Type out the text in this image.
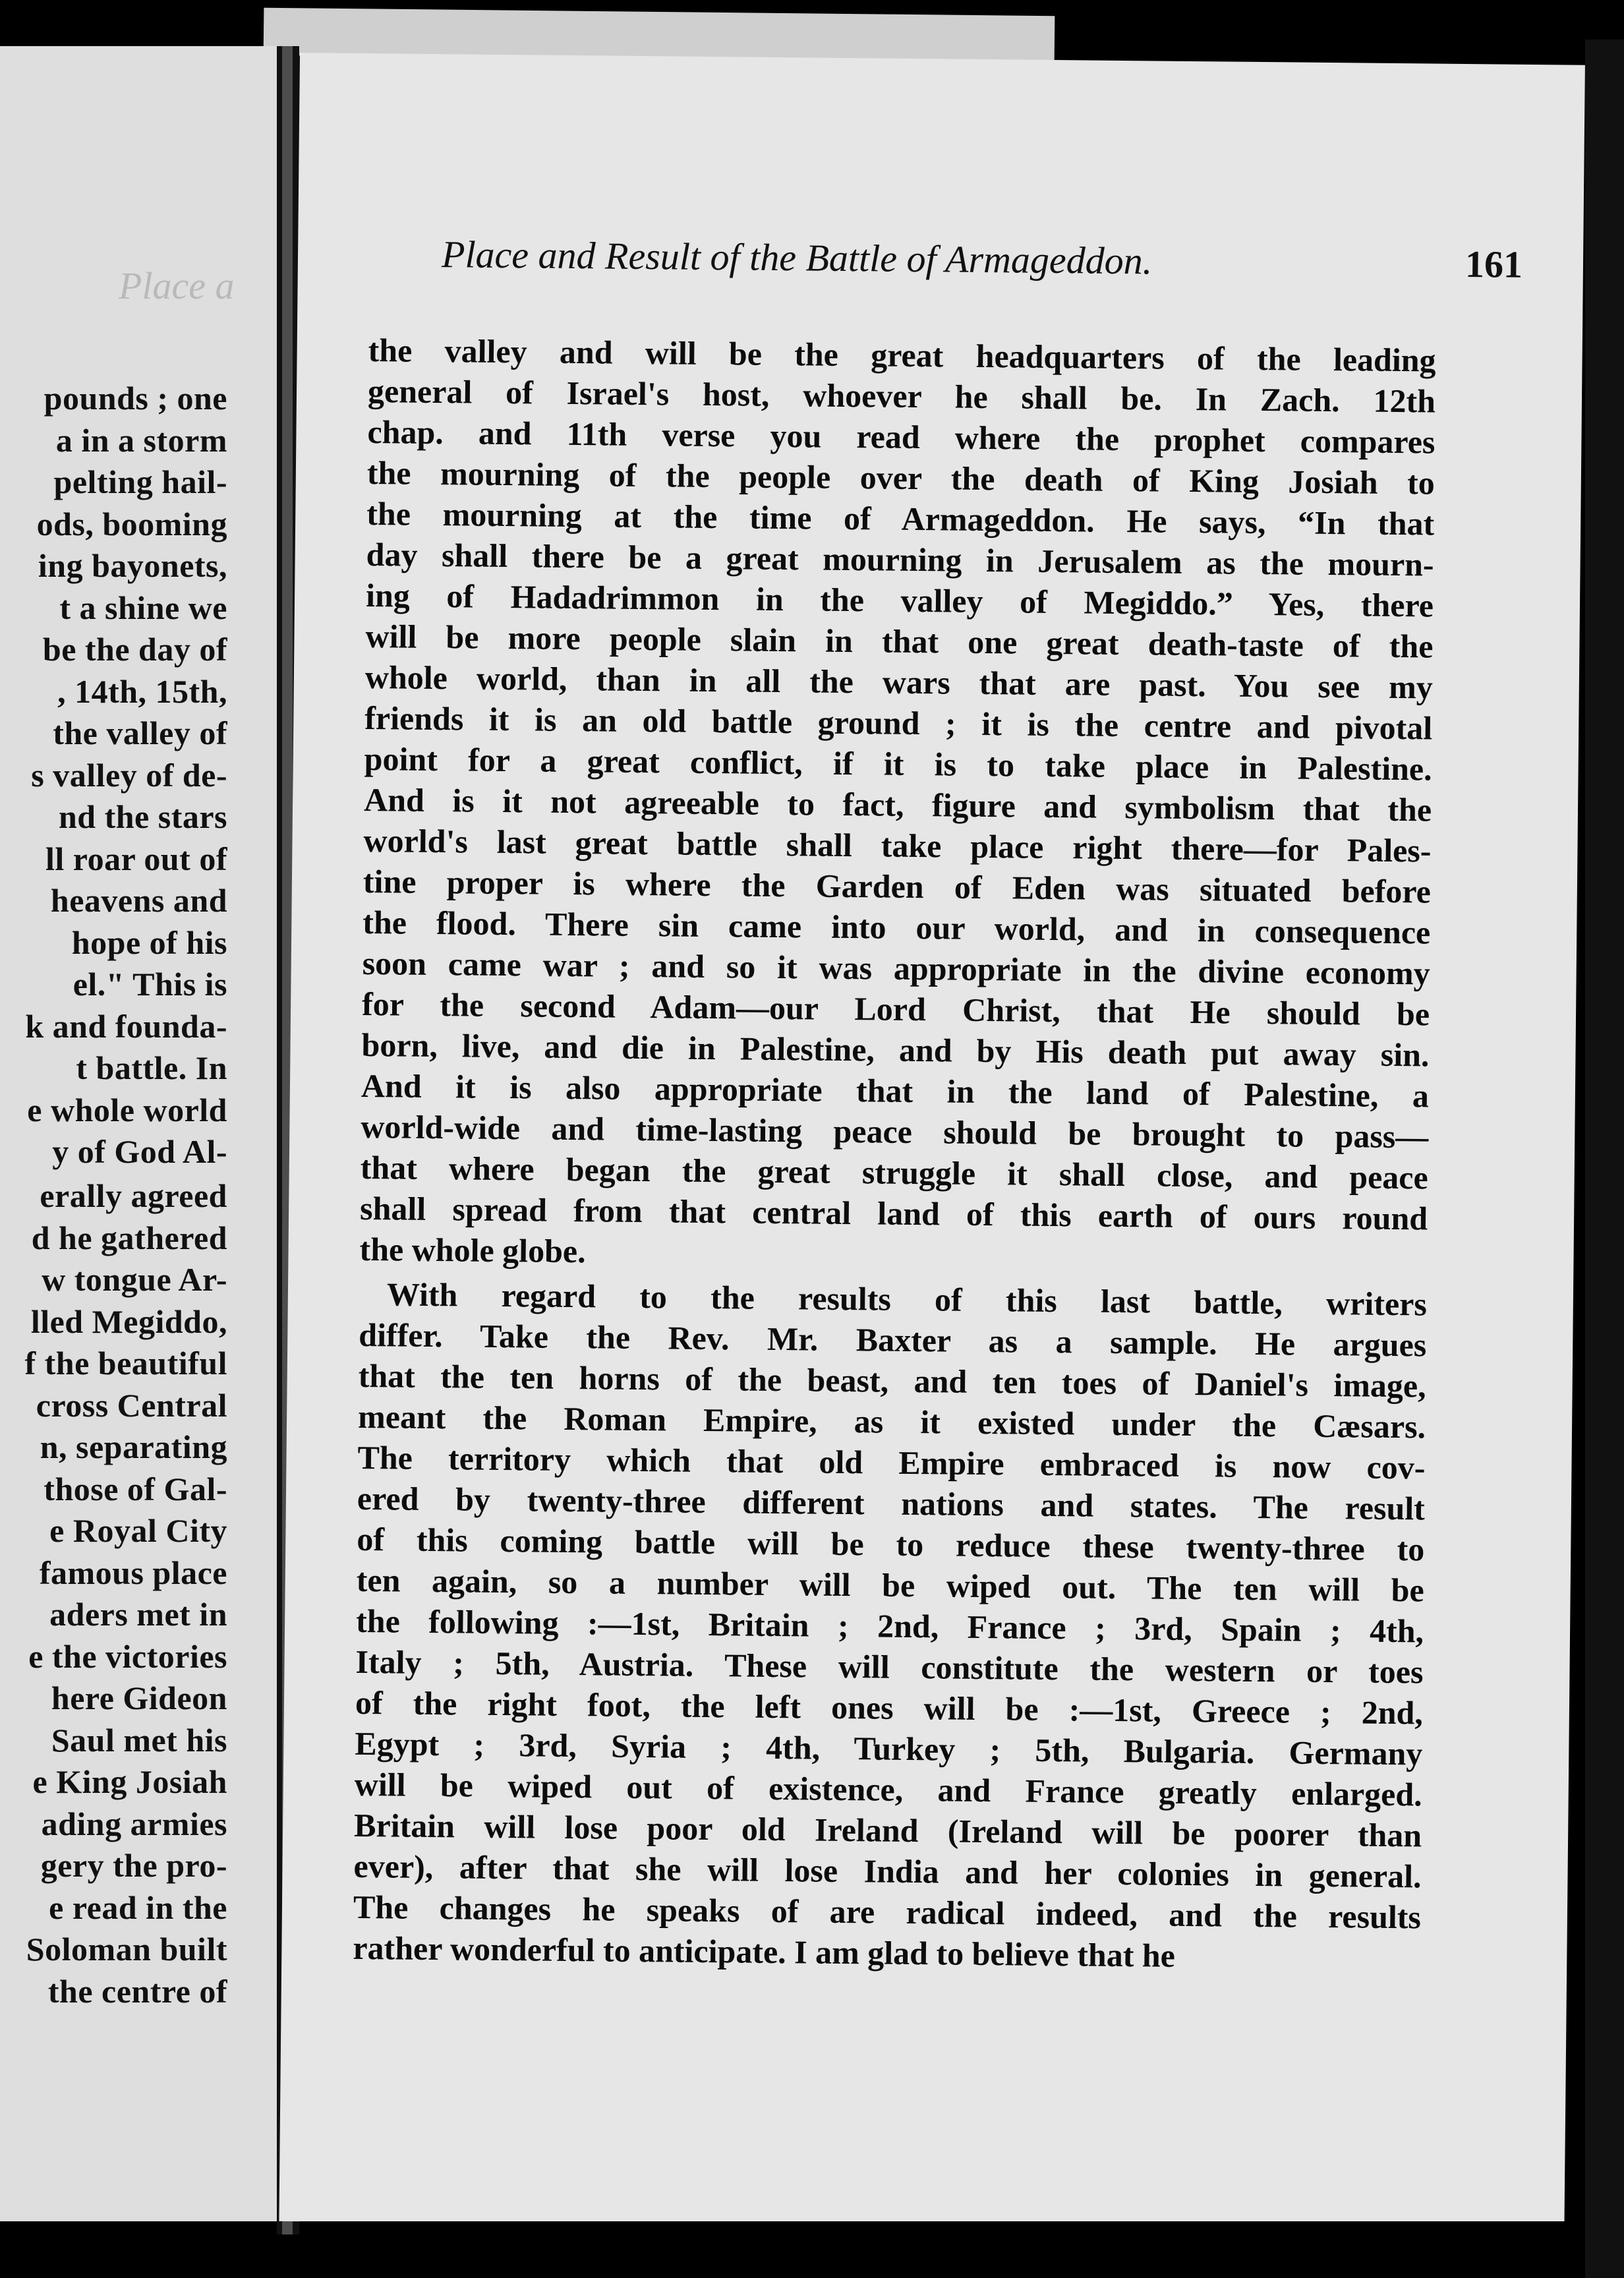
Place a
pounds ; one
a in a storm
pelting hail-
ods, booming
ing bayonets,
t a shine we
be the day of
, 14th, 15th,
the valley of
s valley of de-
nd the stars
ll roar out of
heavens and
hope of his
el." This is
k and founda-
t battle. In
e whole world
y of God Al-
erally agreed
d he gathered
w tongue Ar-
lled Megiddo,
f the beautiful
cross Central
n, separating
those of Gal-
e Royal City
famous place
aders met in
e the victories
here Gideon
Saul met his
e King Josiah
ading armies
gery the pro-
e read in the
Soloman built
the centre of
Place and Result of the Battle of Armageddon.	161
the valley and will be the great headquarters of the leading
general of Israel's host, whoever he shall be. In Zach. 12th
chap. and 11th verse you read where the prophet compares
the mourning of the people over the death of King Josiah to
the mourning at the time of Armageddon. He says, “In that
day shall there be a great mourning in Jerusalem as the mourn-
ing of Hadadrimmon in the valley of Megiddo.” Yes, there
will be more people slain in that one great death-taste of the
whole world, than in all the wars that are past. You see my
friends it is an old battle ground ; it is the centre and pivotal
point for a great conflict, if it is to take place in Palestine.
And is it not agreeable to fact, figure and symbolism that the
world's last great battle shall take place right there—for Pales-
tine proper is where the Garden of Eden was situated before
the flood. There sin came into our world, and in consequence
soon came war ; and so it was appropriate in the divine economy
for the second Adam—our Lord Christ, that He should be
born, live, and die in Palestine, and by His death put away sin.
And it is also appropriate that in the land of Palestine, a
world-wide and time-lasting peace should be brought to pass—
that where began the great struggle it shall close, and peace
shall spread from that central land of this earth of ours round
the whole globe.
With regard to the results of this last battle, writers
differ. Take the Rev. Mr. Baxter as a sample. He argues
that the ten horns of the beast, and ten toes of Daniel's image,
meant the Roman Empire, as it existed under the Cæsars.
The territory which that old Empire embraced is now cov-
ered by twenty-three different nations and states. The result
of this coming battle will be to reduce these twenty-three to
ten again, so a number will be wiped out. The ten will be
the following :—1st, Britain ; 2nd, France ; 3rd, Spain ; 4th,
Italy ; 5th, Austria. These will constitute the western or toes
of the right foot, the left ones will be :—1st, Greece ; 2nd,
Egypt ; 3rd, Syria ; 4th, Turkey ; 5th, Bulgaria. Germany
will be wiped out of existence, and France greatly enlarged.
Britain will lose poor old Ireland (Ireland will be poorer than
ever), after that she will lose India and her colonies in general.
The changes he speaks of are radical indeed, and the results
rather wonderful to anticipate. I am glad to believe that he
